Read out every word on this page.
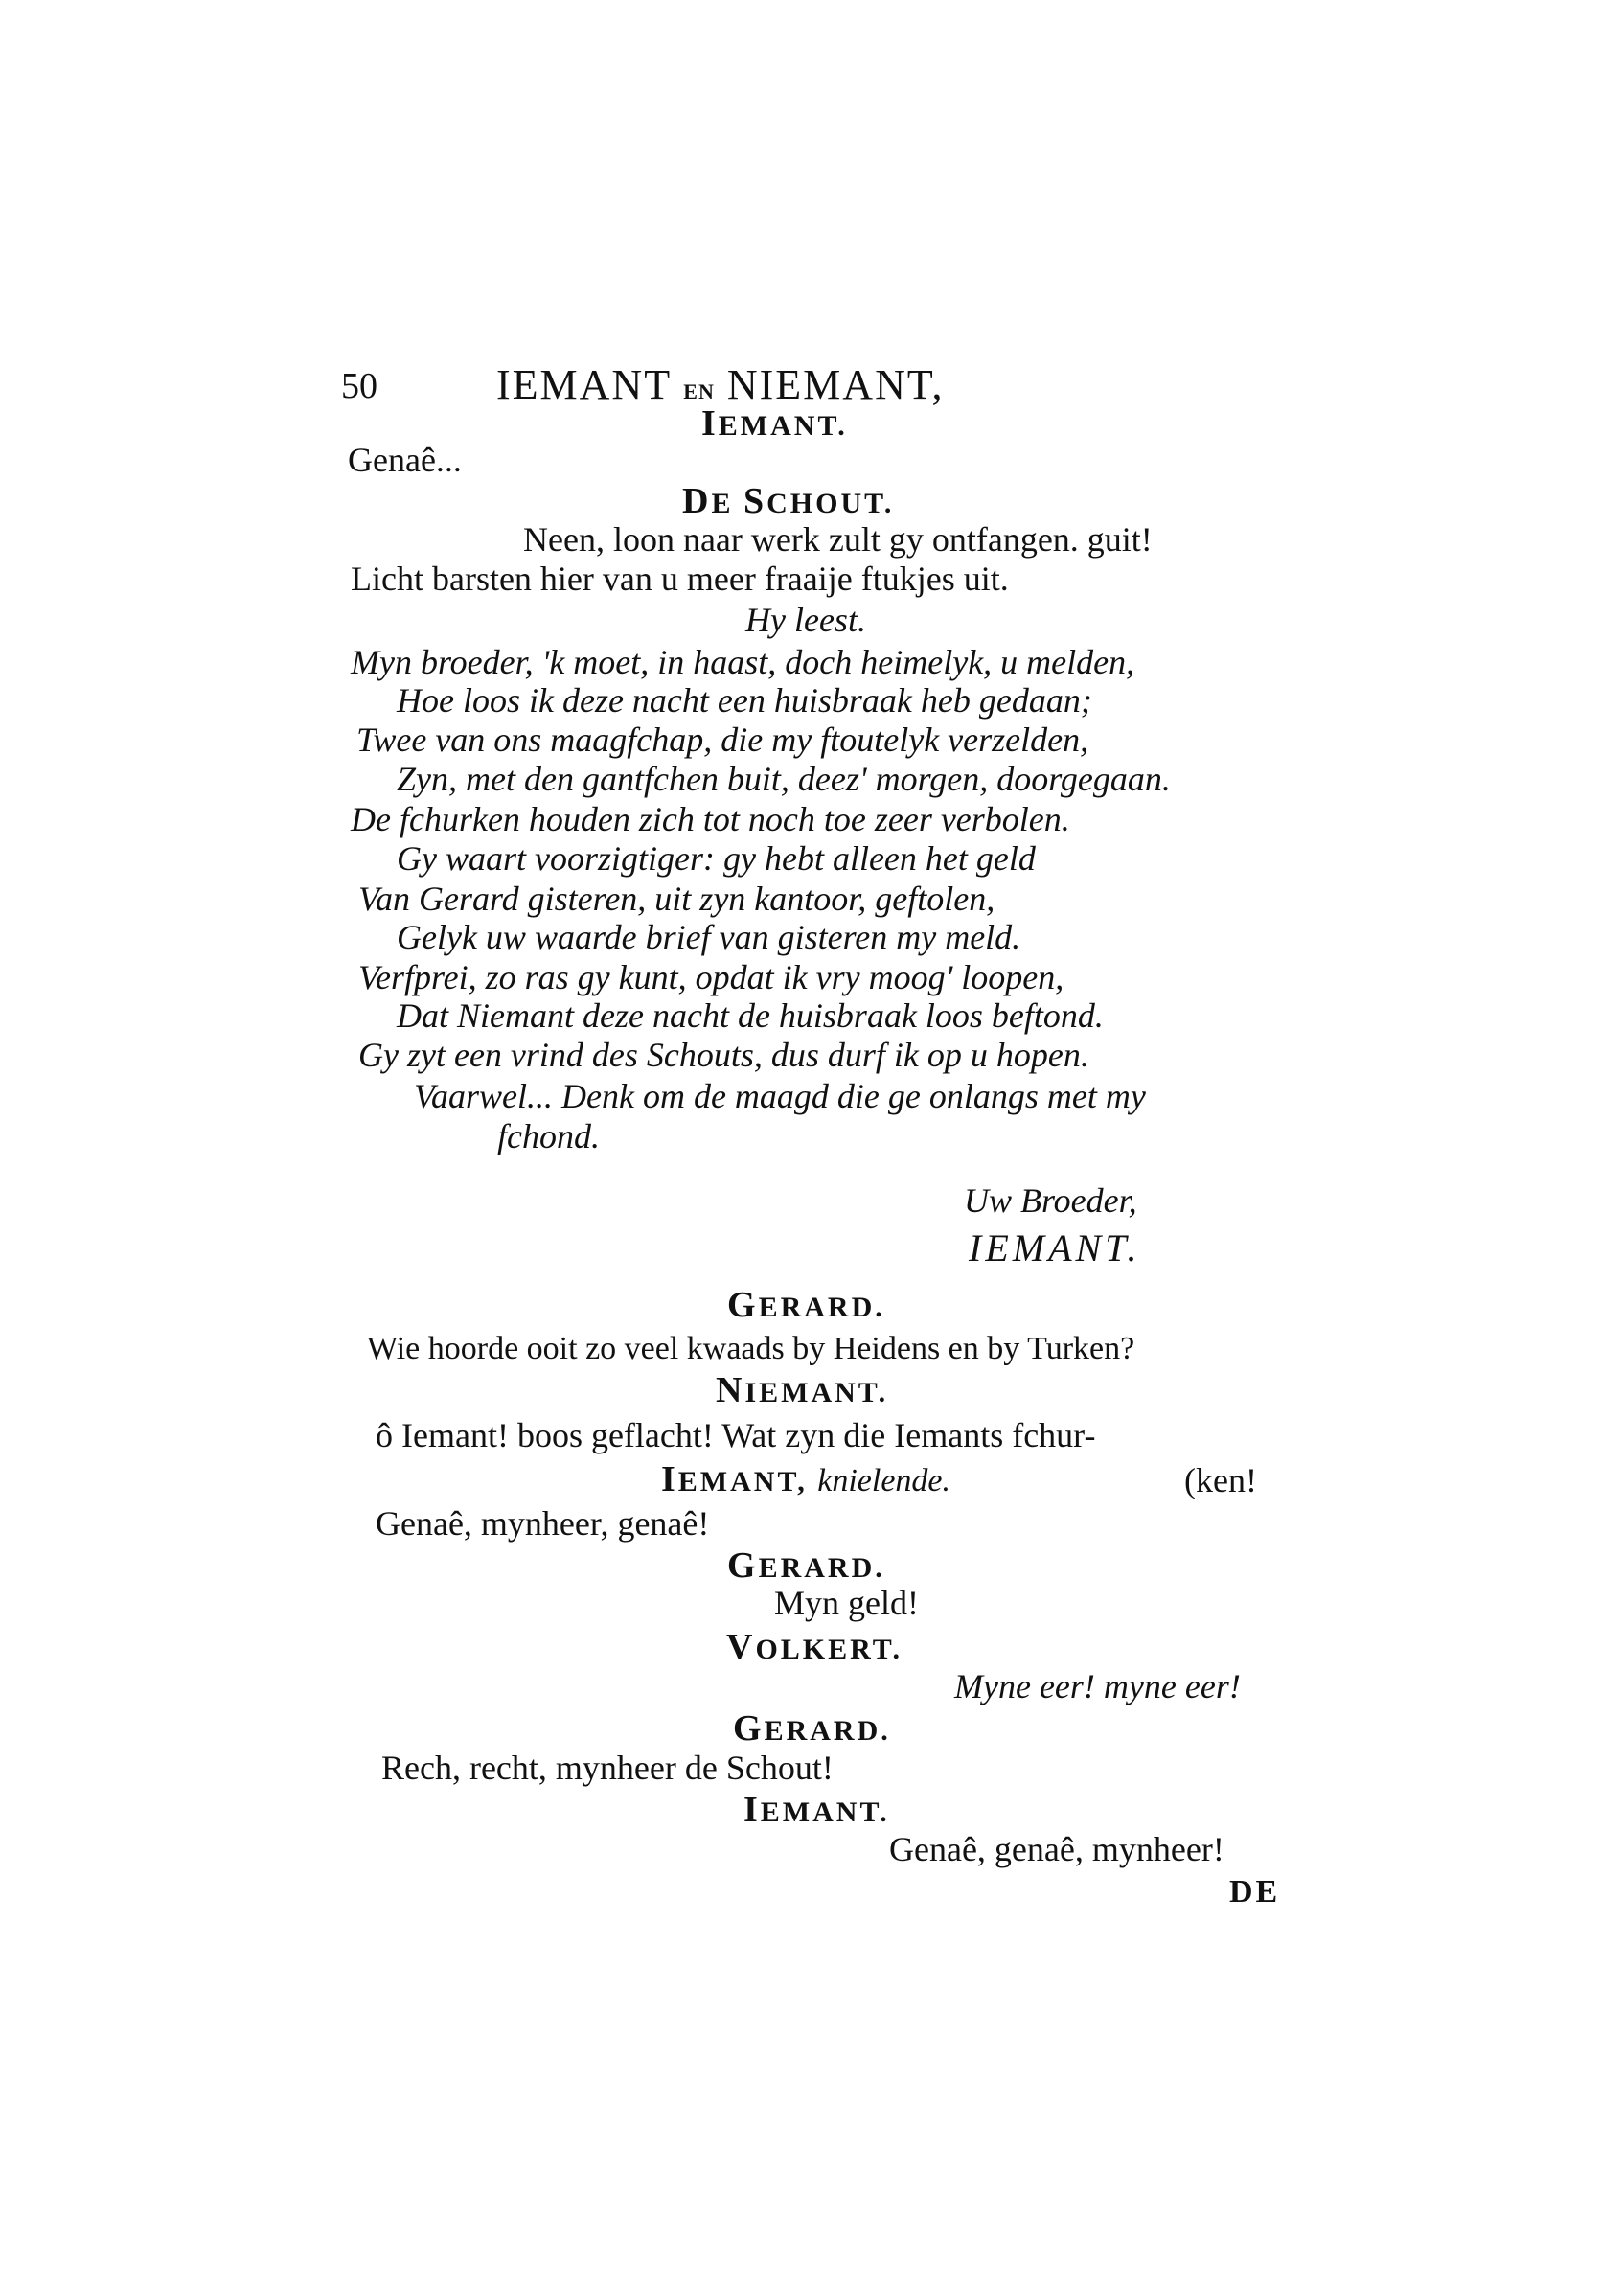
50	IEMANT EN NIEMANT,
IEMANT.
Genaê...
DE SCHOUT.
Neen, loon naar werk zult gy ontfangen. guit!
Licht barsten hier van u meer fraaije ftukjes uit.
Hy leest.
Myn broeder, 'k moet, in haast, doch heimelyk, u melden,
Hoe loos ik deze nacht een huisbraak heb gedaan;
Twee van ons maagfchap, die my ftoutelyk verzelden,
Zyn, met den gantfchen buit, deez' morgen, doorgegaan.
De fchurken houden zich tot noch toe zeer verbolen.
Gy waart voorzigtiger: gy hebt alleen het geld
Van Gerard gisteren, uit zyn kantoor, geftolen,
Gelyk uw waarde brief van gisteren my meld.
Verfprei, zo ras gy kunt, opdat ik vry moog' loopen,
Dat Niemant deze nacht de huisbraak loos beftond.
Gy zyt een vrind des Schouts, dus durf ik op u hopen.
Vaarwel... Denk om de maagd die ge onlangs met my
fchond.
Uw Broeder,
IEMANT.
GERARD.
Wie hoorde ooit zo veel kwaads by Heidens en by Turken?
NIEMANT.
ô Iemant! boos geflacht! Wat zyn die Iemants fchur-
IEMANT, knielende.	(ken!
Genaê, mynheer, genaê!
GERARD.
Myn geld!
VOLKERT.
Myne eer! myne eer!
GERARD.
Rech, recht, mynheer de Schout!
IEMANT.
Genaê, genaê, mynheer!
DE
